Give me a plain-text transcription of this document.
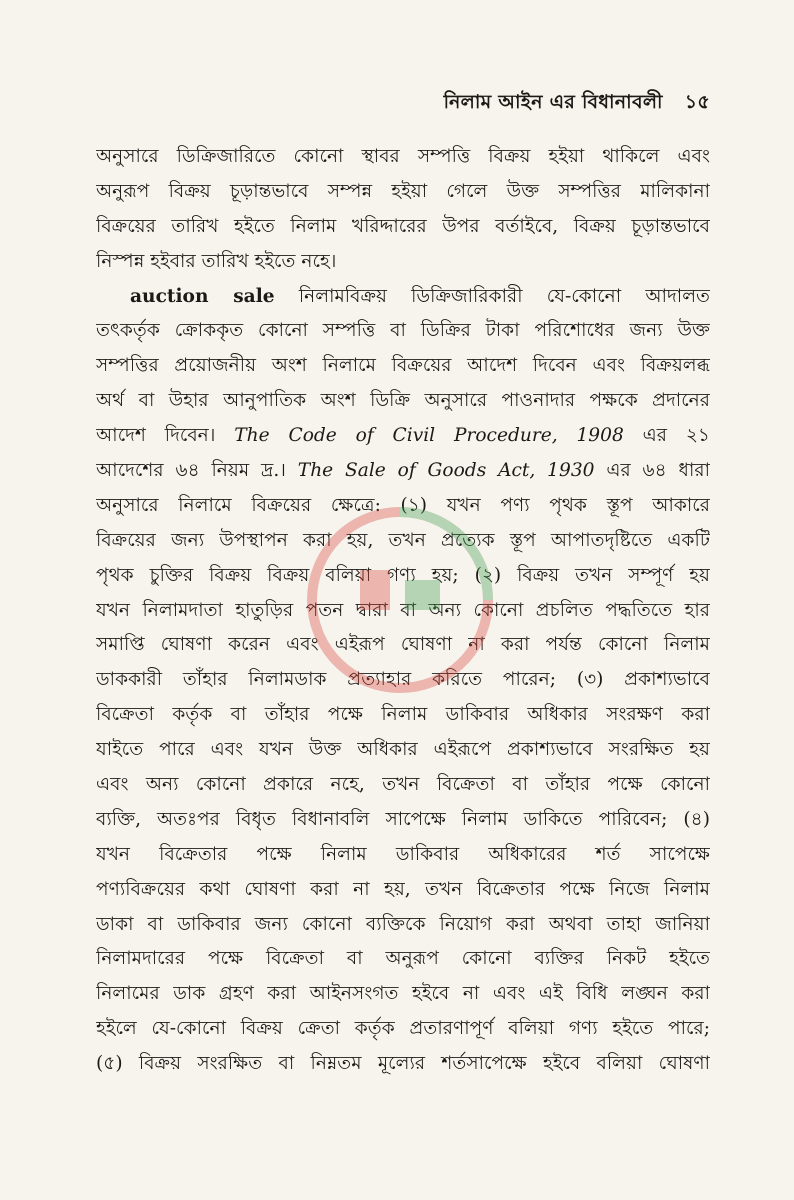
নিলাম আইন এর বিধানাবলী ১৫
অনুসারে ডিক্রিজারিতে কোনো স্থাবর সম্পত্তি বিক্রয় হইয়া থাকিলে এবং
অনুরূপ বিক্রয় চূড়ান্তভাবে সম্পন্ন হইয়া গেলে উক্ত সম্পত্তির মালিকানা
বিক্রয়ের তারিখ হইতে নিলাম খরিদ্দারের উপর বর্তাইবে, বিক্রয় চূড়ান্তভাবে
নিস্পন্ন হইবার তারিখ হইতে নহে।
auction sale নিলামবিক্রয় ডিক্রিজারিকারী যে-কোনো আদালত
তৎকর্তৃক ক্রোককৃত কোনো সম্পত্তি বা ডিক্রির টাকা পরিশোধের জন্য উক্ত
সম্পত্তির প্রয়োজনীয় অংশ নিলামে বিক্রয়ের আদেশ দিবেন এবং বিক্রয়লব্ধ
অর্থ বা উহার আনুপাতিক অংশ ডিক্রি অনুসারে পাওনাদার পক্ষকে প্রদানের
আদেশ দিবেন। The Code of Civil Procedure, 1908 এর ২১
আদেশের ৬৪ নিয়ম দ্র.। The Sale of Goods Act, 1930 এর ৬৪ ধারা
অনুসারে নিলামে বিক্রয়ের ক্ষেত্রে: (১) যখন পণ্য পৃথক স্তূপ আকারে
বিক্রয়ের জন্য উপস্থাপন করা হয়, তখন প্রত্যেক স্তূপ আপাতদৃষ্টিতে একটি
পৃথক চুক্তির বিক্রয় বিক্রয় বলিয়া গণ্য হয়; (২) বিক্রয় তখন সম্পূর্ণ হয়
যখন নিলামদাতা হাতুড়ির পতন দ্বারা বা অন্য কোনো প্রচলিত পদ্ধতিতে হার
সমাপ্তি ঘোষণা করেন এবং এইরূপ ঘোষণা না করা পর্যন্ত কোনো নিলাম
ডাককারী তাঁহার নিলামডাক প্রত্যাহার করিতে পারেন; (৩) প্রকাশ্যভাবে
বিক্রেতা কর্তৃক বা তাঁহার পক্ষে নিলাম ডাকিবার অধিকার সংরক্ষণ করা
যাইতে পারে এবং যখন উক্ত অধিকার এইরূপে প্রকাশ্যভাবে সংরক্ষিত হয়
এবং অন্য কোনো প্রকারে নহে, তখন বিক্রেতা বা তাঁহার পক্ষে কোনো
ব্যক্তি, অতঃপর বিধৃত বিধানাবলি সাপেক্ষে নিলাম ডাকিতে পারিবেন; (৪)
যখন বিক্রেতার পক্ষে নিলাম ডাকিবার অধিকারের শর্ত সাপেক্ষে
পণ্যবিক্রয়ের কথা ঘোষণা করা না হয়, তখন বিক্রেতার পক্ষে নিজে নিলাম
ডাকা বা ডাকিবার জন্য কোনো ব্যক্তিকে নিয়োগ করা অথবা তাহা জানিয়া
নিলামদারের পক্ষে বিক্রেতা বা অনুরূপ কোনো ব্যক্তির নিকট হইতে
নিলামের ডাক গ্রহণ করা আইনসংগত হইবে না এবং এই বিধি লঙ্ঘন করা
হইলে যে-কোনো বিক্রয় ক্রেতা কর্তৃক প্রতারণাপূর্ণ বলিয়া গণ্য হইতে পারে;
(৫) বিক্রয় সংরক্ষিত বা নিম্নতম মূল্যের শর্তসাপেক্ষে হইবে বলিয়া ঘোষণা
